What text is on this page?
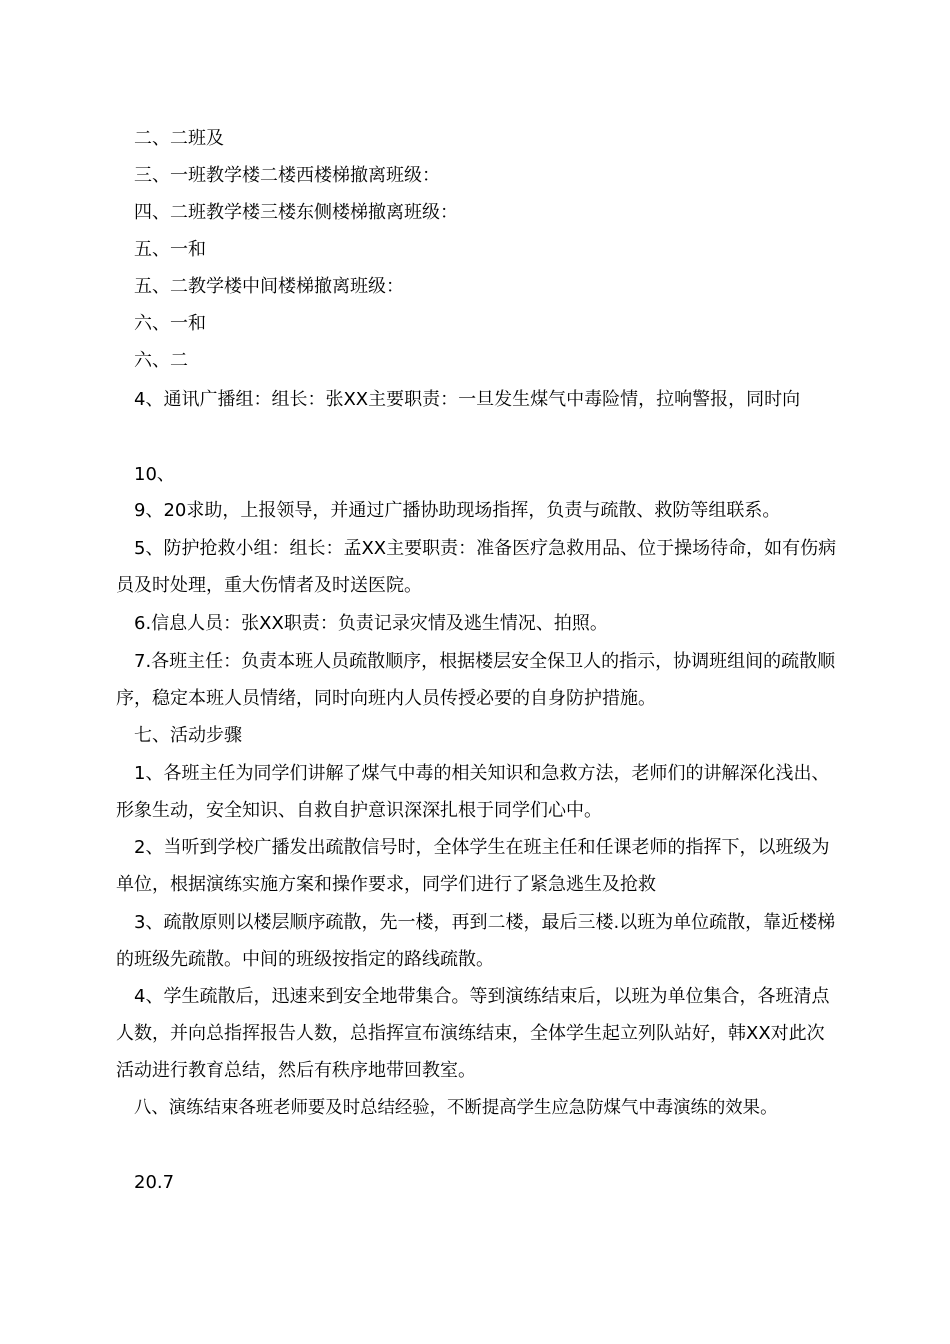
二、二班及

三、一班教学楼二楼西楼梯撤离班级：

四、二班教学楼三楼东侧楼梯撤离班级：

五、一和

五、二教学楼中间楼梯撤离班级：

六、一和

六、二

4、通讯广播组：组长：张XX主要职责：一旦发生煤气中毒险情，拉响警报，同时向

10、

9、20求助，上报领导，并通过广播协助现场指挥，负责与疏散、救防等组联系。

5、防护抢救小组：组长：孟XX主要职责：准备医疗急救用品、位于操场待命，如有伤病员及时处理，重大伤情者及时送医院。

6.信息人员：张XX职责：负责记录灾情及逃生情况、拍照。

7.各班主任：负责本班人员疏散顺序，根据楼层安全保卫人的指示，协调班组间的疏散顺序，稳定本班人员情绪，同时向班内人员传授必要的自身防护措施。

七、活动步骤

1、各班主任为同学们讲解了煤气中毒的相关知识和急救方法，老师们的讲解深化浅出、形象生动，安全知识、自救自护意识深深扎根于同学们心中。

2、当听到学校广播发出疏散信号时，全体学生在班主任和任课老师的指挥下，以班级为单位，根据演练实施方案和操作要求，同学们进行了紧急逃生及抢救

3、疏散原则以楼层顺序疏散，先一楼，再到二楼，最后三楼.以班为单位疏散，靠近楼梯的班级先疏散。中间的班级按指定的路线疏散。

4、学生疏散后，迅速来到安全地带集合。等到演练结束后，以班为单位集合，各班清点人数，并向总指挥报告人数，总指挥宣布演练结束，全体学生起立列队站好，韩XX对此次活动进行教育总结，然后有秩序地带回教室。

八、演练结束各班老师要及时总结经验，不断提高学生应急防煤气中毒演练的效果。

20.7
